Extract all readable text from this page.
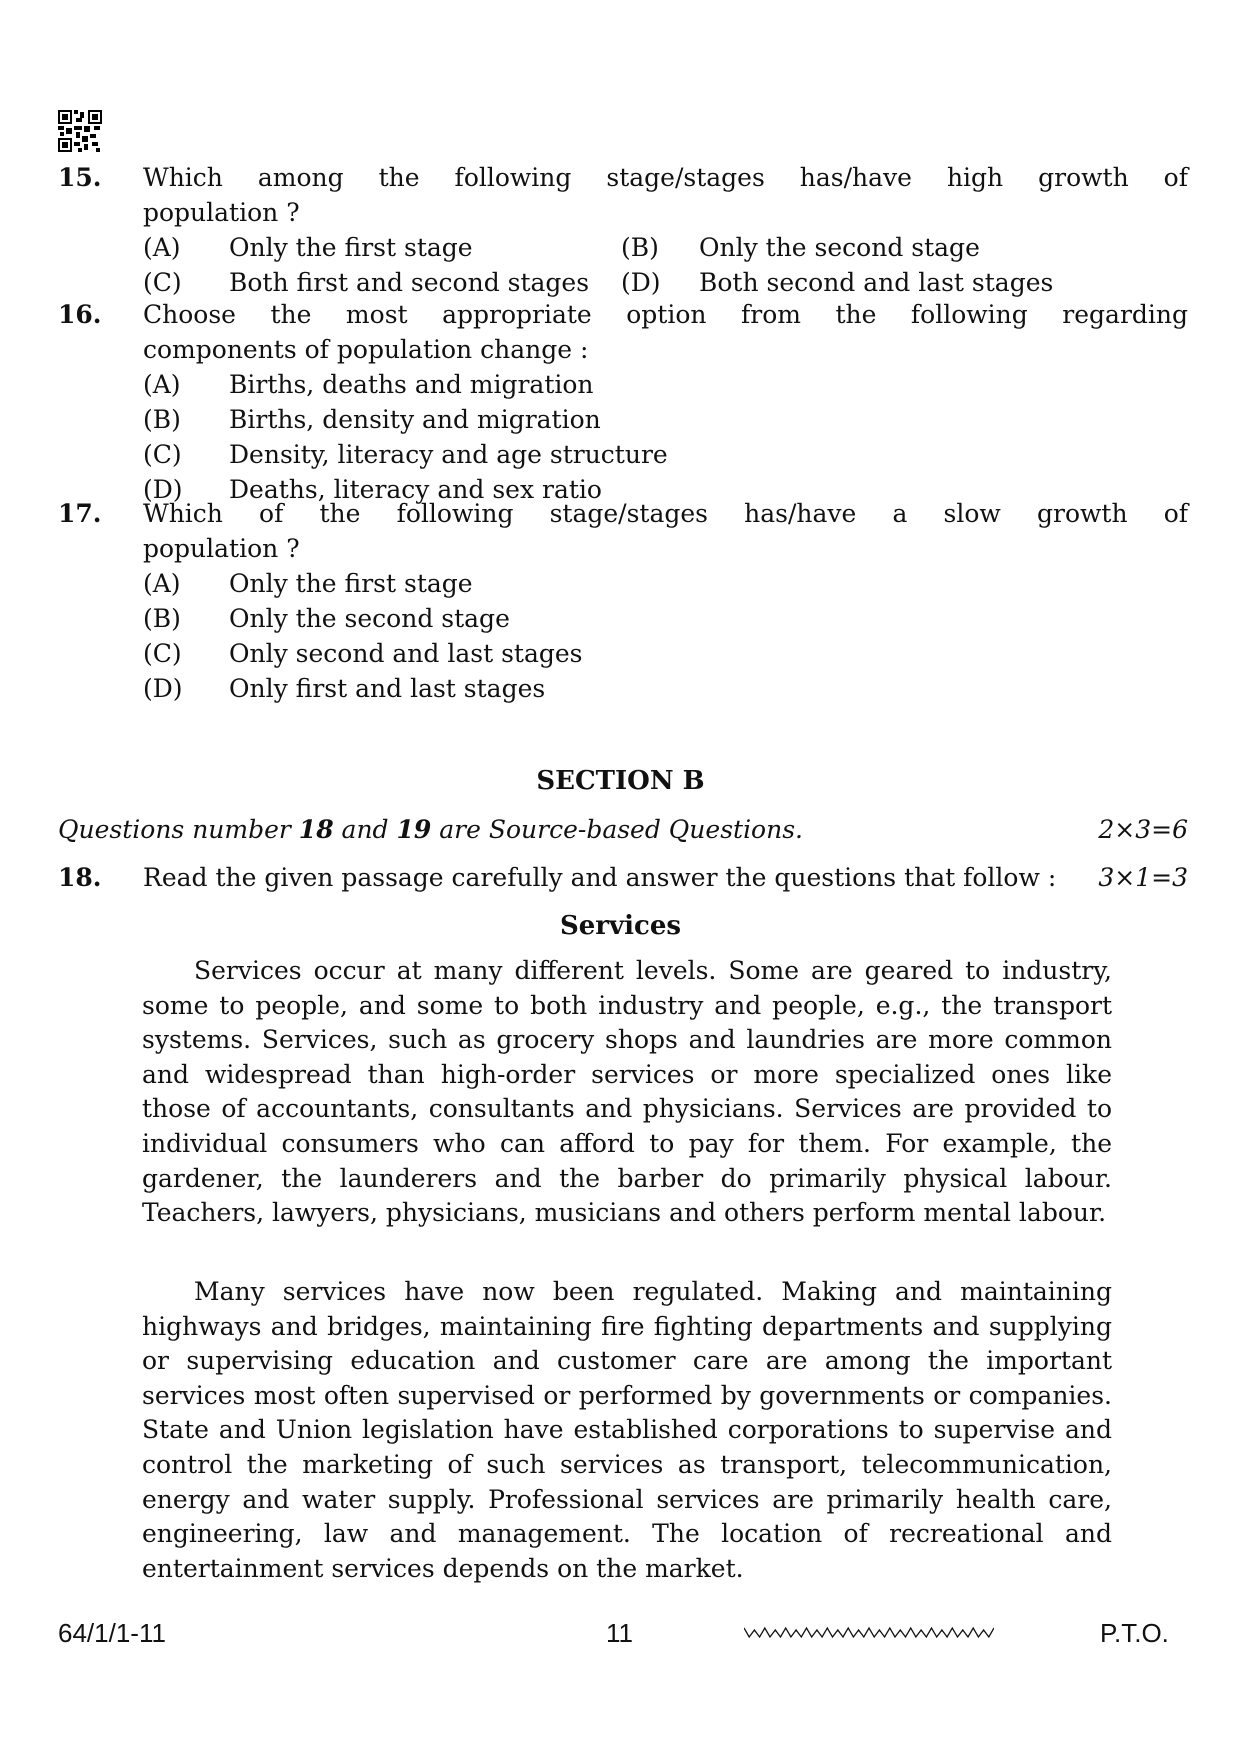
15. Which among the following stage/stages has/have high growth of
population ?
(A) Only the first stage	(B) Only the second stage
(C) Both first and second stages (D) Both second and last stages
16. Choose the most appropriate option from the following regarding
components of population change :
(A) Births, deaths and migration
(B) Births, density and migration
(C) Density, literacy and age structure
(D) Deaths, literacy and sex ratio
17. Which of the following stage/stages has/have a slow growth of
population ?
(A) Only the first stage
(B) Only the second stage
(C) Only second and last stages
(D) Only first and last stages
SECTION B
Questions number 18 and 19 are Source-based Questions.	2×3=6
18. Read the given passage carefully and answer the questions that follow : 3×1=3
Services

Services occur at many different levels. Some are geared to industry, some to people, and some to both industry and people, e.g., the transport systems. Services, such as grocery shops and laundries are more common and widespread than high-order services or more specialized ones like those of accountants, consultants and physicians. Services are provided to individual consumers who can afford to pay for them. For example, the gardener, the launderers and the barber do primarily physical labour. Teachers, lawyers, physicians, musicians and others perform mental labour.

Many services have now been regulated. Making and maintaining highways and bridges, maintaining fire fighting departments and supplying or supervising education and customer care are among the important services most often supervised or performed by governments or companies. State and Union legislation have established corporations to supervise and control the marketing of such services as transport, telecommunication, energy and water supply. Professional services are primarily health care, engineering, law and management. The location of recreational and entertainment services depends on the market.

64/1/1-11	11	P.T.O.
